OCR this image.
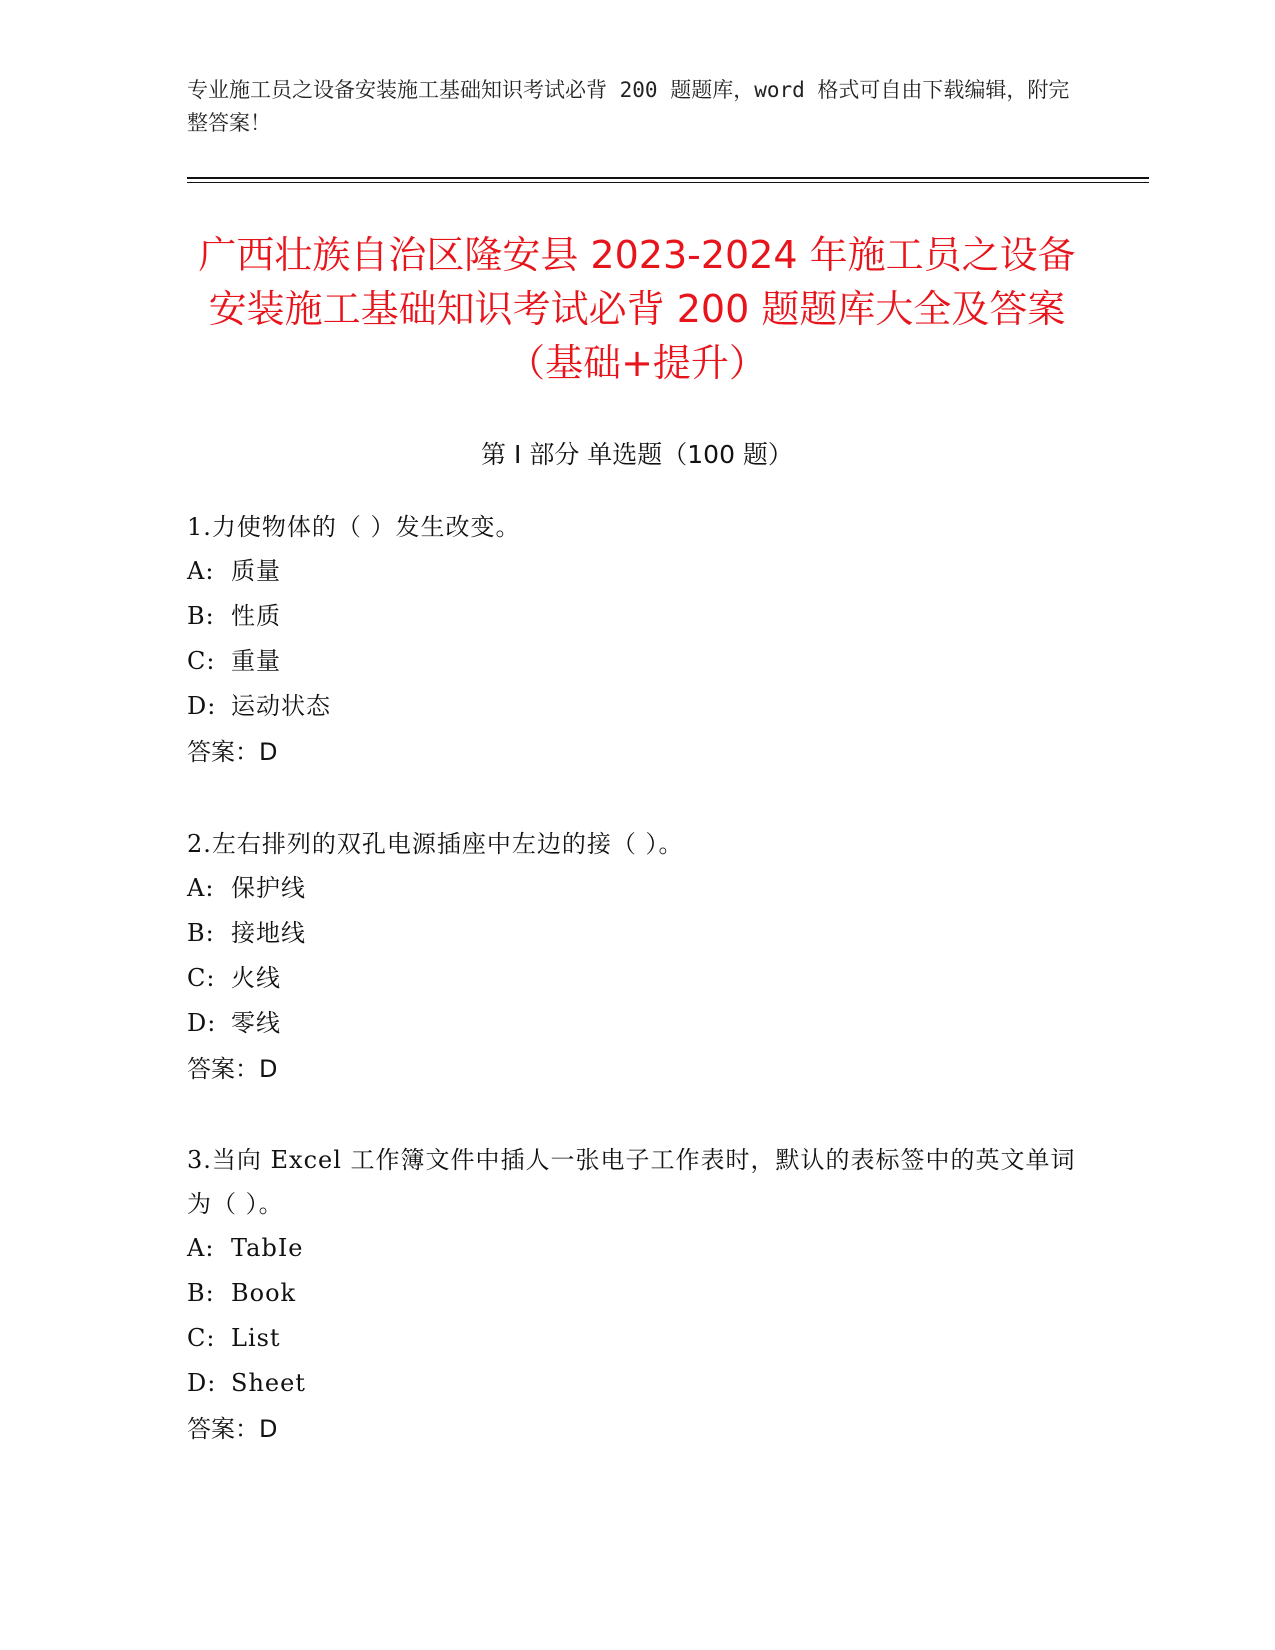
专业施工员之设备安装施工基础知识考试必背 200 题题库，word 格式可自由下载编辑，附完整答案！
广西壮族自治区隆安县 2023-2024 年施工员之设备安装施工基础知识考试必背 200 题题库大全及答案（基础+提升）
第 I 部分 单选题（100 题）
1.力使物体的（ ）发生改变。
A: 质量
B: 性质
C: 重量
D: 运动状态
答案：D
2.左右排列的双孔电源插座中左边的接（ ）。
A: 保护线
B: 接地线
C: 火线
D: 零线
答案：D
3.当向 Excel 工作簿文件中插人一张电子工作表时，默认的表标签中的英文单词为（ ）。
A: TabIe
B: Book
C: List
D: Sheet
答案：D
